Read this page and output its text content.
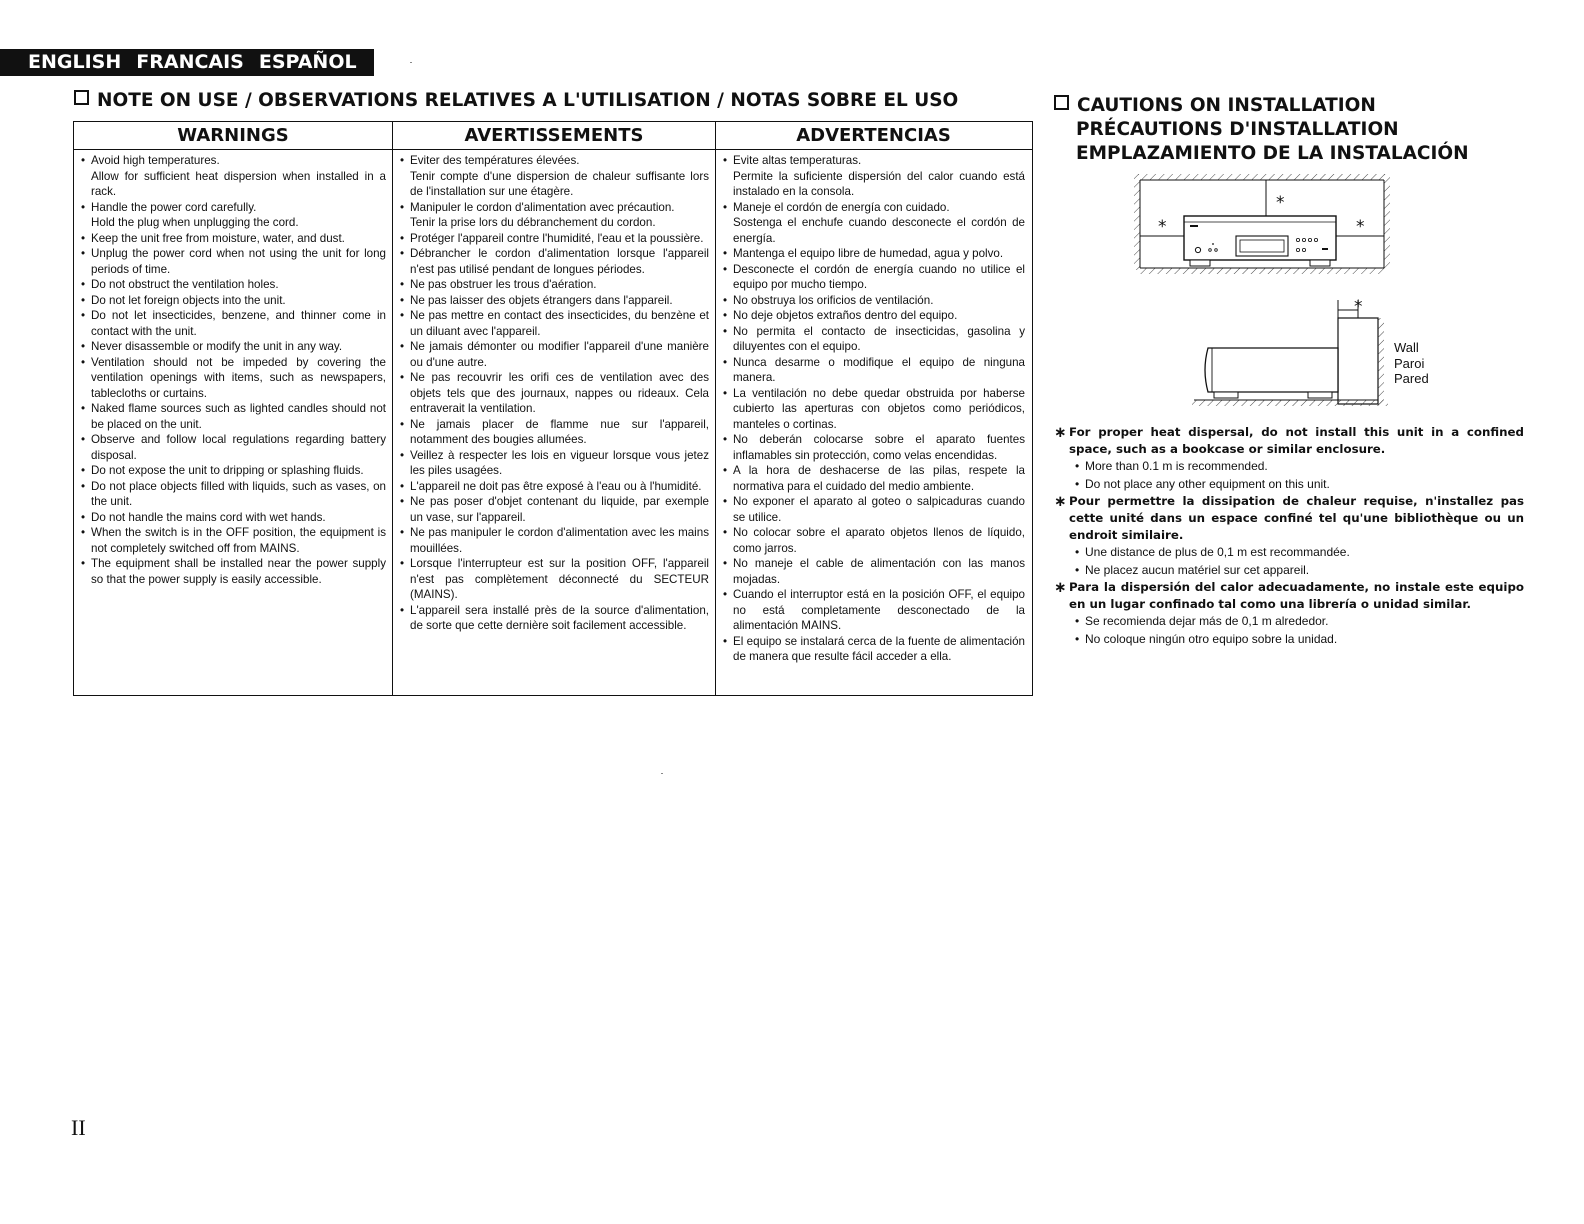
ENGLISH FRANCAIS ESPAÑOL
NOTE ON USE / OBSERVATIONS RELATIVES A L'UTILISATION / NOTAS SOBRE EL USO
WARNINGS	AVERTISSEMENTS	ADVERTENCIAS
• Avoid high temperatures.
Allow for sufficient heat dispersion when installed in a rack.
• Handle the power cord carefully.
Hold the plug when unplugging the cord.
• Keep the unit free from moisture, water, and dust.
• Unplug the power cord when not using the unit for long periods of time.
• Do not obstruct the ventilation holes.
• Do not let foreign objects into the unit.
• Do not let insecticides, benzene, and thinner come in contact with the unit.
• Never disassemble or modify the unit in any way.
• Ventilation should not be impeded by covering the ventilation openings with items, such as newspapers, tablecloths or curtains.
• Naked flame sources such as lighted candles should not be placed on the unit.
• Observe and follow local regulations regarding battery disposal.
• Do not expose the unit to dripping or splashing fluids.
• Do not place objects filled with liquids, such as vases, on the unit.
• Do not handle the mains cord with wet hands.
• When the switch is in the OFF position, the equipment is not completely switched off from MAINS.
• The equipment shall be installed near the power supply so that the power supply is easily accessible.
• Eviter des températures élevées.
Tenir compte d'une dispersion de chaleur suffisante lors de l'installation sur une étagère.
• Manipuler le cordon d'alimentation avec précaution.
Tenir la prise lors du débranchement du cordon.
• Protéger l'appareil contre l'humidité, l'eau et la poussière.
• Débrancher le cordon d'alimentation lorsque l'appareil n'est pas utilisé pendant de longues périodes.
• Ne pas obstruer les trous d'aération.
• Ne pas laisser des objets étrangers dans l'appareil.
• Ne pas mettre en contact des insecticides, du benzène et un diluant avec l'appareil.
• Ne jamais démonter ou modifier l'appareil d'une manière ou d'une autre.
• Ne pas recouvrir les orifi ces de ventilation avec des objets tels que des journaux, nappes ou rideaux. Cela entraverait la ventilation.
• Ne jamais placer de flamme nue sur l'appareil, notamment des bougies allumées.
• Veillez à respecter les lois en vigueur lorsque vous jetez les piles usagées.
• L'appareil ne doit pas être exposé à l'eau ou à l'humidité.
• Ne pas poser d'objet contenant du liquide, par exemple un vase, sur l'appareil.
• Ne pas manipuler le cordon d'alimentation avec les mains mouillées.
• Lorsque l'interrupteur est sur la position OFF, l'appareil n'est pas complètement déconnecté du SECTEUR (MAINS).
• L'appareil sera installé près de la source d'alimentation, de sorte que cette dernière soit facilement accessible.
• Evite altas temperaturas.
Permite la suficiente dispersión del calor cuando está instalado en la consola.
• Maneje el cordón de energía con cuidado.
Sostenga el enchufe cuando desconecte el cordón de energía.
• Mantenga el equipo libre de humedad, agua y polvo.
• Desconecte el cordón de energía cuando no utilice el equipo por mucho tiempo.
• No obstruya los orificios de ventilación.
• No deje objetos extraños dentro del equipo.
• No permita el contacto de insecticidas, gasolina y diluyentes con el equipo.
• Nunca desarme o modifique el equipo de ninguna manera.
• La ventilación no debe quedar obstruida por haberse cubierto las aperturas con objetos como periódicos, manteles o cortinas.
• No deberán colocarse sobre el aparato fuentes inflamables sin protección, como velas encendidas.
• A la hora de deshacerse de las pilas, respete la normativa para el cuidado del medio ambiente.
• No exponer el aparato al goteo o salpicaduras cuando se utilice.
• No colocar sobre el aparato objetos llenos de líquido, como jarros.
• No maneje el cable de alimentación con las manos mojadas.
• Cuando el interruptor está en la posición OFF, el equipo no está completamente desconectado de la alimentación MAINS.
• El equipo se instalará cerca de la fuente de alimentación de manera que resulte fácil acceder a ella.
CAUTIONS ON INSTALLATION
PRÉCAUTIONS D'INSTALLATION
EMPLAZAMIENTO DE LA INSTALACIÓN
*
*	*
*
Wall
Paroi
Pared
∗ For proper heat dispersal, do not install this unit in a confined space, such as a bookcase or similar enclosure.
• More than 0.1 m is recommended.
• Do not place any other equipment on this unit.
∗ Pour permettre la dissipation de chaleur requise, n'installez pas cette unité dans un espace confiné tel qu'une bibliothèque ou un endroit similaire.
• Une distance de plus de 0,1 m est recommandée.
• Ne placez aucun matériel sur cet appareil.
∗ Para la dispersión del calor adecuadamente, no instale este equipo en un lugar confinado tal como una librería o unidad similar.
• Se recomienda dejar más de 0,1 m alrededor.
• No coloque ningún otro equipo sobre la unidad.
II
